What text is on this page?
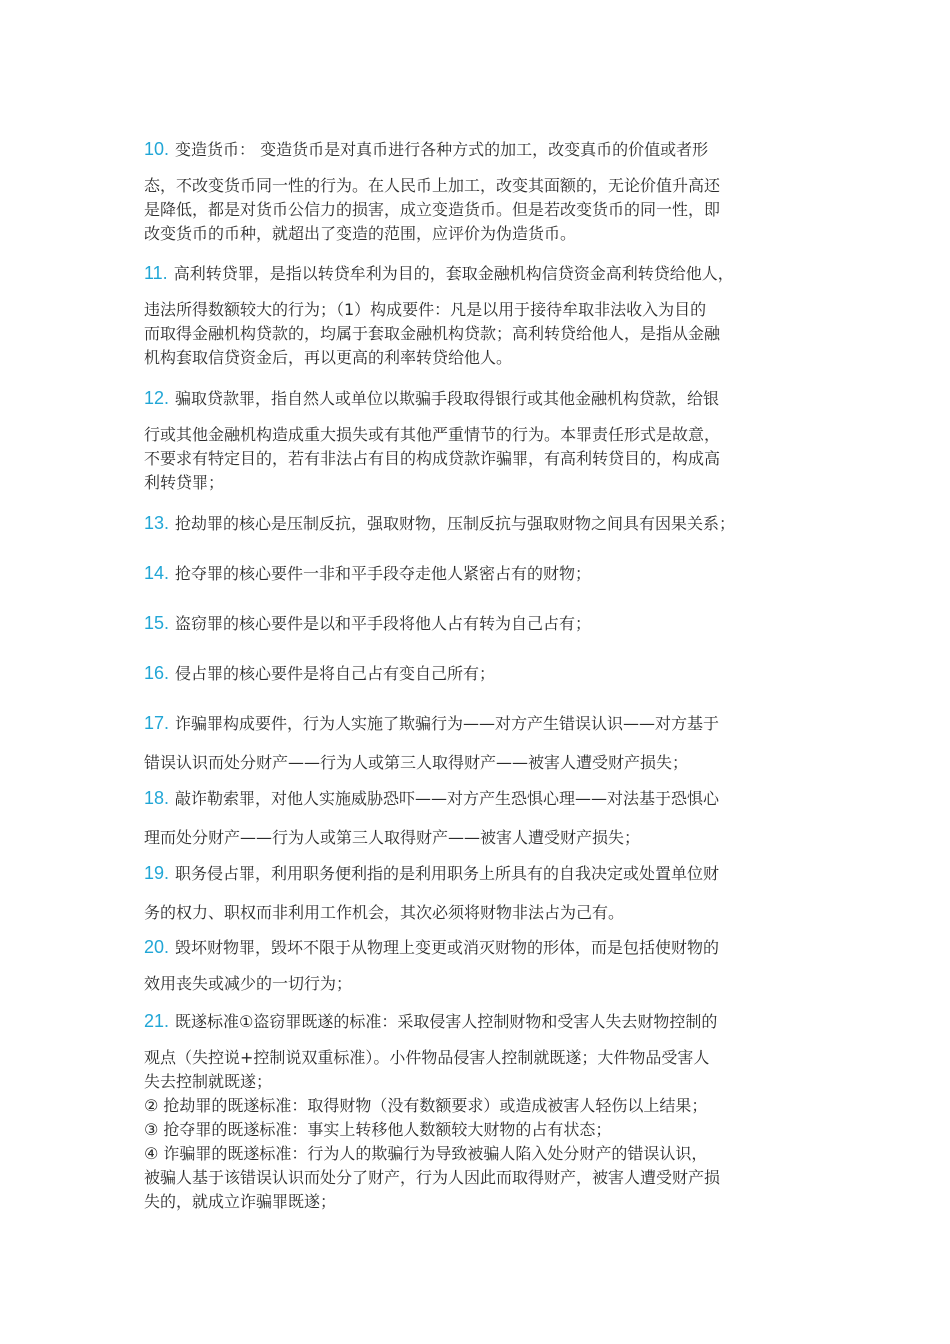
10. 变造货币： 变造货币是对真币进行各种方式的加工，改变真币的价值或者形
态，不改变货币同一性的行为。在人民币上加工，改变其面额的，无论价值升高还
是降低，都是对货币公信力的损害，成立变造货币。但是若改变货币的同一性，即
改变货币的币种，就超出了变造的范围，应评价为伪造货币。
11. 高利转贷罪，是指以转贷牟利为目的，套取金融机构信贷资金高利转贷给他人，
违法所得数额较大的行为；（1）构成要件：凡是以用于接待牟取非法收入为目的
而取得金融机构贷款的，均属于套取金融机构贷款；高利转贷给他人，是指从金融
机构套取信贷资金后，再以更高的利率转贷给他人。
12. 骗取贷款罪，指自然人或单位以欺骗手段取得银行或其他金融机构贷款，给银
行或其他金融机构造成重大损失或有其他严重情节的行为。本罪责任形式是故意，
不要求有特定目的，若有非法占有目的构成贷款诈骗罪，有高利转贷目的，构成高
利转贷罪；
13. 抢劫罪的核心是压制反抗，强取财物，压制反抗与强取财物之间具有因果关系；
14. 抢夺罪的核心要件一非和平手段夺走他人紧密占有的财物；
15. 盗窃罪的核心要件是以和平手段将他人占有转为自己占有；
16. 侵占罪的核心要件是将自己占有变自己所有；
17. 诈骗罪构成要件，行为人实施了欺骗行为——对方产生错误认识——对方基于
错误认识而处分财产——行为人或第三人取得财产——被害人遭受财产损失；
18. 敲诈勒索罪，对他人实施威胁恐吓——对方产生恐惧心理——对法基于恐惧心
理而处分财产——行为人或第三人取得财产——被害人遭受财产损失；
19. 职务侵占罪，利用职务便利指的是利用职务上所具有的自我决定或处置单位财
务的权力、职权而非利用工作机会，其次必须将财物非法占为己有。
20. 毁坏财物罪，毁坏不限于从物理上变更或消灭财物的形体，而是包括使财物的
效用丧失或减少的一切行为；
21. 既遂标准①盗窃罪既遂的标准：采取侵害人控制财物和受害人失去财物控制的
观点（失控说+控制说双重标准）。小件物品侵害人控制就既遂；大件物品受害人
失去控制就既遂；
② 抢劫罪的既遂标准：取得财物（没有数额要求）或造成被害人轻伤以上结果；
③ 抢夺罪的既遂标准：事实上转移他人数额较大财物的占有状态；
④ 诈骗罪的既遂标准：行为人的欺骗行为导致被骗人陷入处分财产的错误认识，
被骗人基于该错误认识而处分了财产，行为人因此而取得财产，被害人遭受财产损
失的，就成立诈骗罪既遂；
